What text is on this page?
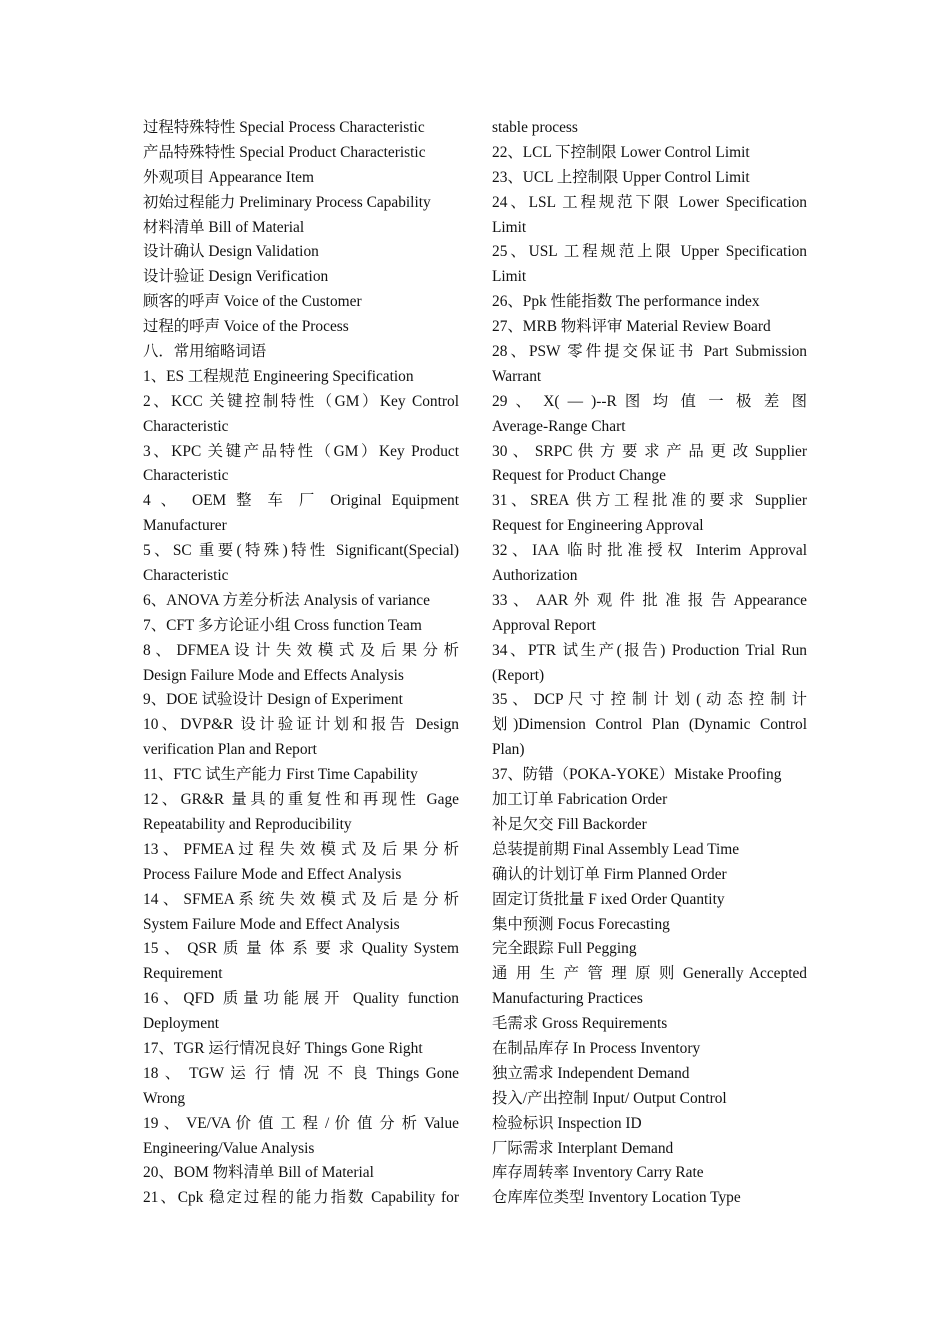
过程特殊特性 Special Process Characteristic
产品特殊特性 Special Product Characteristic
外观项目 Appearance Item
初始过程能力 Preliminary Process Capability
材料清单 Bill of Material
设计确认 Design Validation
设计验证 Design Verification
顾客的呼声 Voice of the Customer
过程的呼声 Voice of the Process
八．常用缩略词语
1、ES 工程规范 Engineering Specification
2、KCC 关键控制特性（GM）Key Control
Characteristic
3、KPC 关键产品特性（GM）Key Product
Characteristic
4 、 OEM 整 车 厂 Original Equipment
Manufacturer
5、SC 重要(特殊)特性 Significant(Special)
Characteristic
6、ANOVA 方差分析法 Analysis of variance
7、CFT 多方论证小组 Cross function Team
8 、 DFMEA 设 计 失 效 模 式 及 后 果 分 析
Design Failure Mode and Effects Analysis
9、DOE 试验设计 Design of Experiment
10、DVP&R 设计验证计划和报告 Design
verification Plan and Report
11、FTC 试生产能力 First Time Capability
12、GR&R 量具的重复性和再现性 Gage
Repeatability and Reproducibility
13 、 PFMEA 过 程 失 效 模 式 及 后 果 分 析
Process Failure Mode and Effect Analysis
14 、 SFMEA 系 统 失 效 模 式 及 后 是 分 析
System Failure Mode and Effect Analysis
15 、 QSR 质 量 体 系 要 求 Quality System
Requirement
16、QFD 质量功能展开 Quality function
Deployment
17、TGR 运行情况良好 Things Gone Right
18 、 TGW 运 行 情 况 不 良 Things Gone
Wrong
19 、 VE/VA 价 值 工 程 / 价 值 分 析 Value
Engineering/Value Analysis
20、BOM 物料清单 Bill of Material
21、Cpk 稳定过程的能力指数 Capability for
stable process
22、LCL 下控制限 Lower Control Limit
23、UCL 上控制限 Upper Control Limit
24、LSL 工程规范下限 Lower Specification
Limit
25、USL 工程规范上限 Upper Specification
Limit
26、Ppk 性能指数 The performance index
27、MRB 物料评审 Material Review Board
28、PSW 零件提交保证书 Part Submission
Warrant
29 、 X( — )--R 图 均 值 一 极 差 图
Average-Range Chart
30 、 SRPC 供 方 要 求 产 品 更 改 Supplier
Request for Product Change
31、SREA 供方工程批准的要求 Supplier
Request for Engineering Approval
32、IAA 临时批准授权 Interim Approval
Authorization
33 、 AAR 外 观 件 批 准 报 告 Appearance
Approval Report
34、PTR 试生产(报告) Production Trial Run
(Report)
35 、 DCP 尺 寸 控 制 计 划 ( 动 态 控 制 计
划)Dimension Control Plan (Dynamic Control
Plan)
37、防错（POKA-YOKE）Mistake Proofing
加工订单 Fabrication Order
补足欠交 Fill Backorder
总装提前期 Final Assembly Lead Time
确认的计划订单 Firm Planned Order
固定订货批量 F ixed Order Quantity
集中预测 Focus Forecasting
完全跟踪 Full Pegging
通 用 生 产 管 理 原 则 Generally Accepted
Manufacturing Practices
毛需求 Gross Requirements
在制品库存 In Process Inventory
独立需求 Independent Demand
投入/产出控制 Input/ Output Control
检验标识 Inspection ID
厂际需求 Interplant Demand
库存周转率 Inventory Carry Rate
仓库库位类型 Inventory Location Type
